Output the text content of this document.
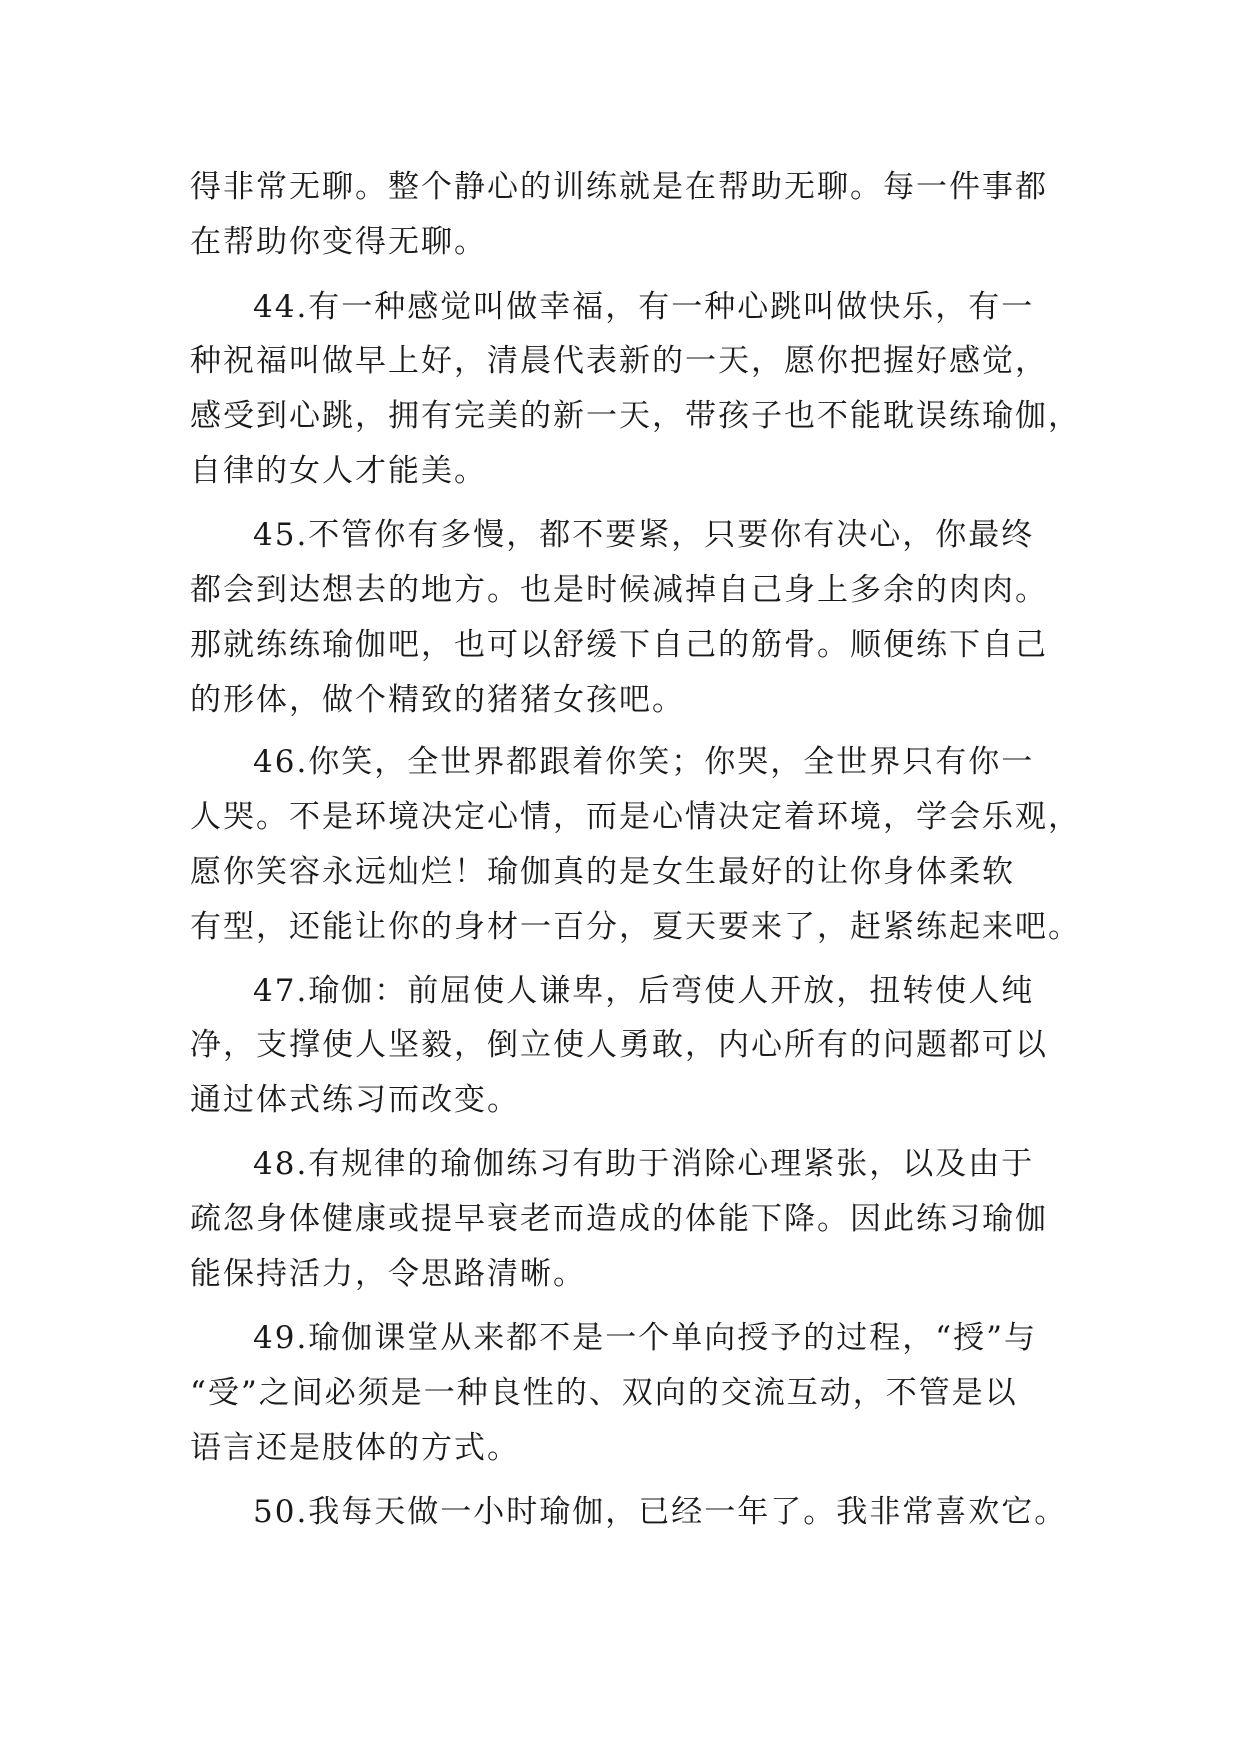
得非常无聊。整个静心的训练就是在帮助无聊。每一件事都
在帮助你变得无聊。
44.有一种感觉叫做幸福，有一种心跳叫做快乐，有一
种祝福叫做早上好，清晨代表新的一天，愿你把握好感觉，
感受到心跳，拥有完美的新一天，带孩子也不能耽误练瑜伽，
自律的女人才能美。
45.不管你有多慢，都不要紧，只要你有决心，你最终
都会到达想去的地方。也是时候减掉自己身上多余的肉肉。
那就练练瑜伽吧，也可以舒缓下自己的筋骨。顺便练下自己
的形体，做个精致的猪猪女孩吧。
46.你笑，全世界都跟着你笑；你哭，全世界只有你一
人哭。不是环境决定心情，而是心情决定着环境，学会乐观，
愿你笑容永远灿烂！瑜伽真的是女生最好的让你身体柔软
有型，还能让你的身材一百分，夏天要来了，赶紧练起来吧。
47.瑜伽：前屈使人谦卑，后弯使人开放，扭转使人纯
净，支撑使人坚毅，倒立使人勇敢，内心所有的问题都可以
通过体式练习而改变。
48.有规律的瑜伽练习有助于消除心理紧张，以及由于
疏忽身体健康或提早衰老而造成的体能下降。因此练习瑜伽
能保持活力，令思路清晰。
49.瑜伽课堂从来都不是一个单向授予的过程，“授”与
“受”之间必须是一种良性的、双向的交流互动，不管是以
语言还是肢体的方式。
50.我每天做一小时瑜伽，已经一年了。我非常喜欢它。
